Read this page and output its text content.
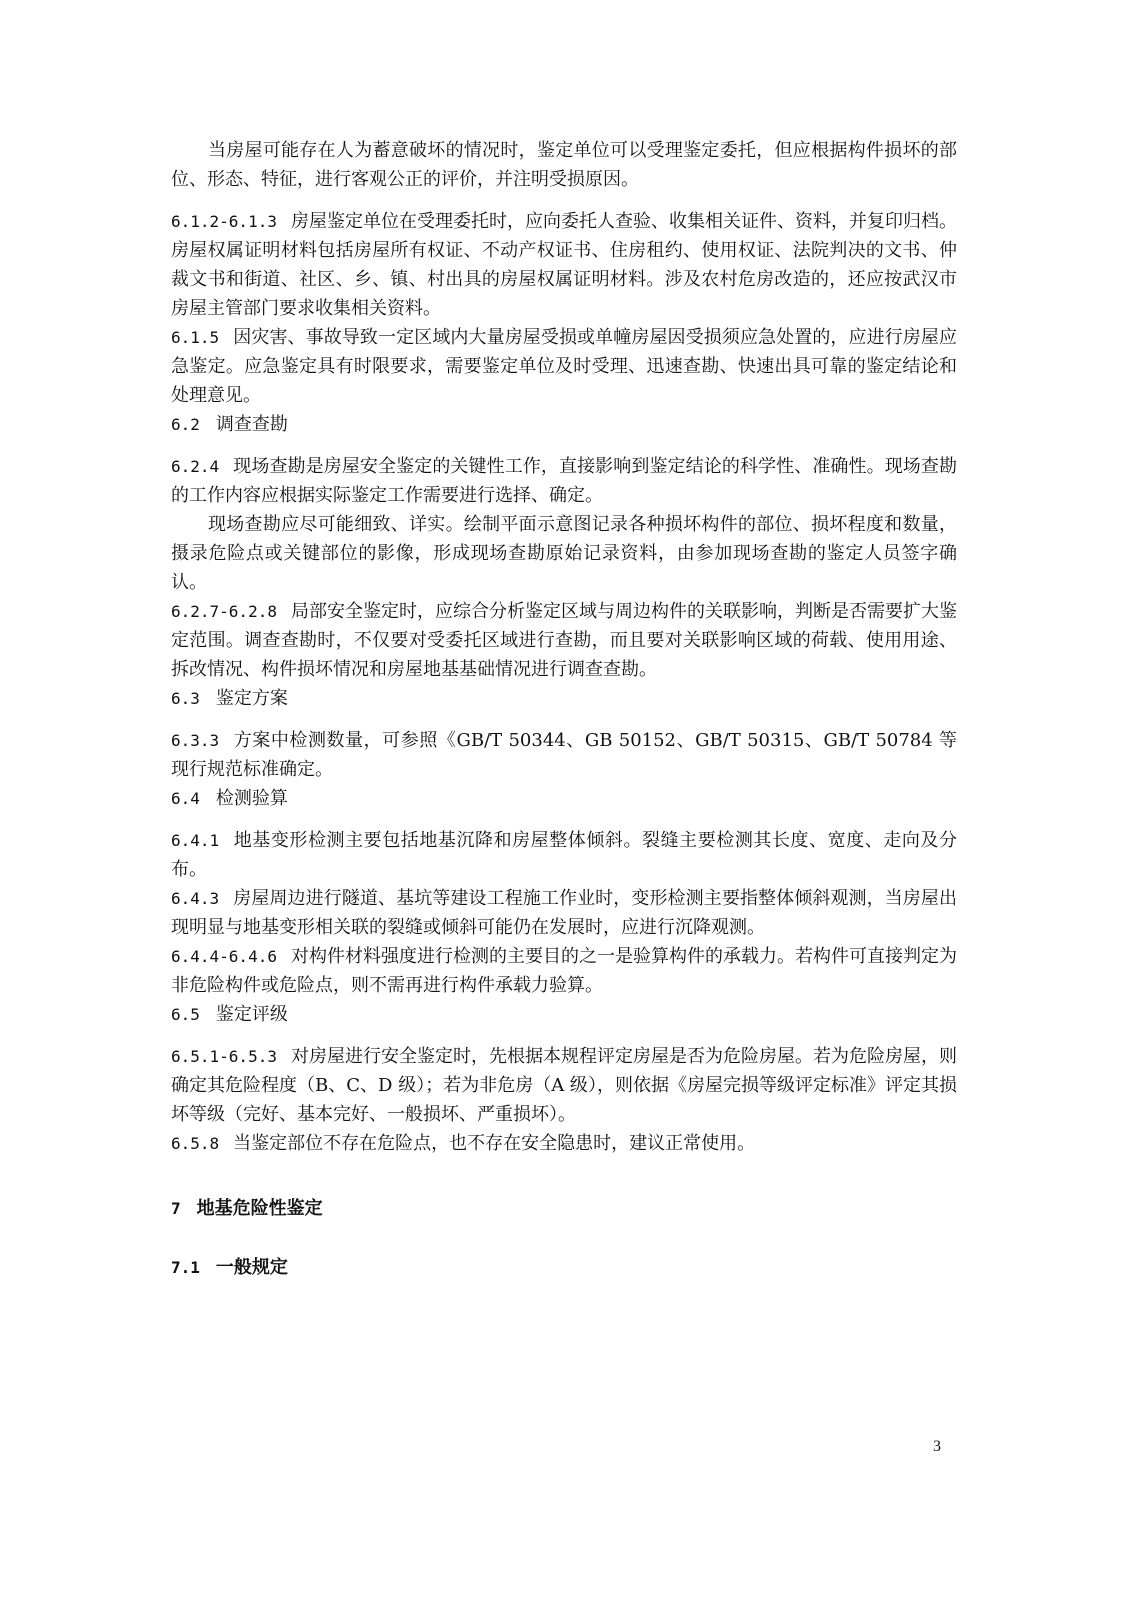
当房屋可能存在人为蓄意破坏的情况时，鉴定单位可以受理鉴定委托，但应根据构件损坏的部位、形态、特征，进行客观公正的评价，并注明受损原因。

6.1.2-6.1.3 房屋鉴定单位在受理委托时，应向委托人查验、收集相关证件、资料，并复印归档。房屋权属证明材料包括房屋所有权证、不动产权证书、住房租约、使用权证、法院判决的文书、仲裁文书和街道、社区、乡、镇、村出具的房屋权属证明材料。涉及农村危房改造的，还应按武汉市房屋主管部门要求收集相关资料。

6.1.5 因灾害、事故导致一定区域内大量房屋受损或单幢房屋因受损须应急处置的，应进行房屋应急鉴定。应急鉴定具有时限要求，需要鉴定单位及时受理、迅速查勘、快速出具可靠的鉴定结论和处理意见。

6.2 调查查勘

6.2.4 现场查勘是房屋安全鉴定的关键性工作，直接影响到鉴定结论的科学性、准确性。现场查勘的工作内容应根据实际鉴定工作需要进行选择、确定。

现场查勘应尽可能细致、详实。绘制平面示意图记录各种损坏构件的部位、损坏程度和数量，摄录危险点或关键部位的影像，形成现场查勘原始记录资料，由参加现场查勘的鉴定人员签字确认。

6.2.7-6.2.8 局部安全鉴定时，应综合分析鉴定区域与周边构件的关联影响，判断是否需要扩大鉴定范围。调查查勘时，不仅要对受委托区域进行查勘，而且要对关联影响区域的荷载、使用用途、拆改情况、构件损坏情况和房屋地基基础情况进行调查查勘。

6.3 鉴定方案

6.3.3 方案中检测数量，可参照《GB/T 50344、GB 50152、GB/T 50315、GB/T 50784 等现行规范标准确定。

6.4 检测验算

6.4.1 地基变形检测主要包括地基沉降和房屋整体倾斜。裂缝主要检测其长度、宽度、走向及分布。

6.4.3 房屋周边进行隧道、基坑等建设工程施工作业时，变形检测主要指整体倾斜观测，当房屋出现明显与地基变形相关联的裂缝或倾斜可能仍在发展时，应进行沉降观测。

6.4.4-6.4.6 对构件材料强度进行检测的主要目的之一是验算构件的承载力。若构件可直接判定为非危险构件或危险点，则不需再进行构件承载力验算。

6.5 鉴定评级

6.5.1-6.5.3 对房屋进行安全鉴定时，先根据本规程评定房屋是否为危险房屋。若为危险房屋，则确定其危险程度（B、C、D 级）；若为非危房（A 级），则依据《房屋完损等级评定标准》评定其损坏等级（完好、基本完好、一般损坏、严重损坏）。

6.5.8 当鉴定部位不存在危险点，也不存在安全隐患时，建议正常使用。

7 地基危险性鉴定

7.1 一般规定

3
